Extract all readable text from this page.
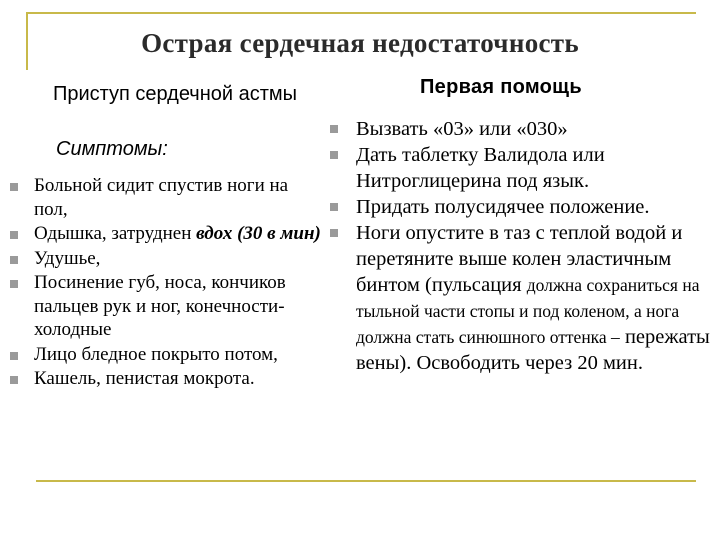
Острая сердечная недостаточность
Приступ сердечной астмы
Симптомы:
Первая помощь
Больной сидит спустив ноги на пол,
Одышка, затруднен вдох (30 в мин)
Удушье,
Посинение губ, носа, кончиков пальцев рук и ног, конечности-холодные
Лицо бледное покрыто потом,
Кашель, пенистая мокрота.
Вызвать «03» или «030»
Дать таблетку Валидола или Нитроглицерина под язык.
Придать полусидячее положение.
Ноги опустите в таз с теплой водой и перетяните выше колен эластичным бинтом (пульсация должна сохраниться на тыльной части стопы и под коленом, а нога должна стать синюшного оттенка – пережаты вены). Освободить через 20 мин.
